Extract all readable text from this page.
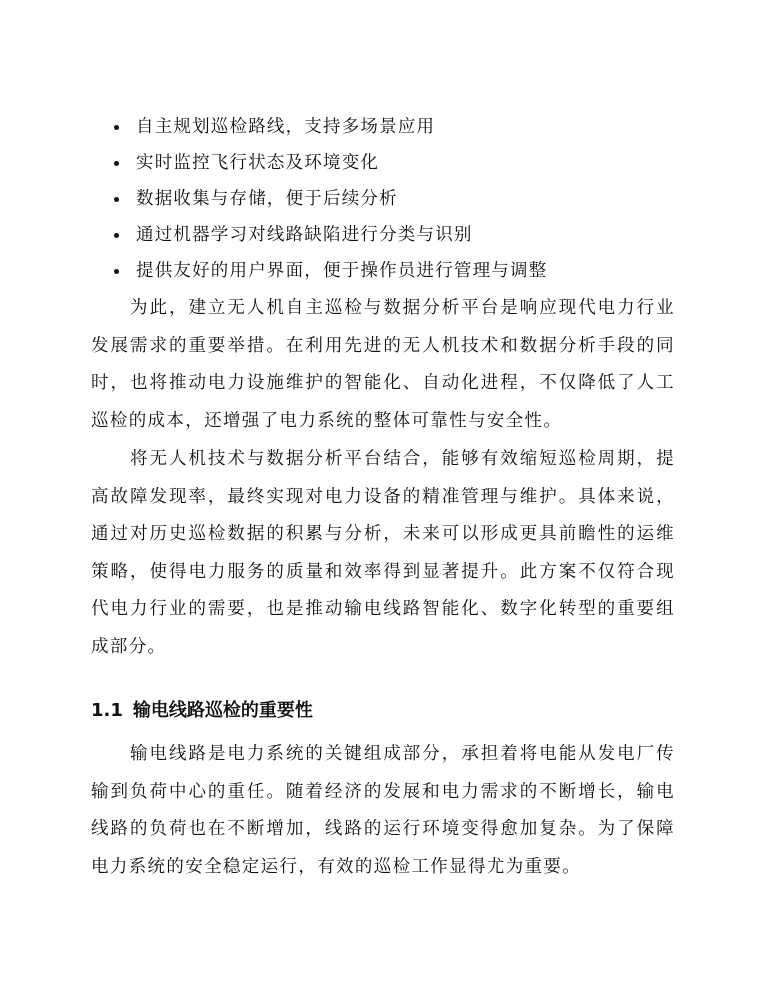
自主规划巡检路线，支持多场景应用
实时监控飞行状态及环境变化
数据收集与存储，便于后续分析
通过机器学习对线路缺陷进行分类与识别
提供友好的用户界面，便于操作员进行管理与调整

为此，建立无人机自主巡检与数据分析平台是响应现代电力行业发展需求的重要举措。在利用先进的无人机技术和数据分析手段的同时，也将推动电力设施维护的智能化、自动化进程，不仅降低了人工巡检的成本，还增强了电力系统的整体可靠性与安全性。

将无人机技术与数据分析平台结合，能够有效缩短巡检周期，提高故障发现率，最终实现对电力设备的精准管理与维护。具体来说，通过对历史巡检数据的积累与分析，未来可以形成更具前瞻性的运维策略，使得电力服务的质量和效率得到显著提升。此方案不仅符合现代电力行业的需要，也是推动输电线路智能化、数字化转型的重要组成部分。

1.1 输电线路巡检的重要性

输电线路是电力系统的关键组成部分，承担着将电能从发电厂传输到负荷中心的重任。随着经济的发展和电力需求的不断增长，输电线路的负荷也在不断增加，线路的运行环境变得愈加复杂。为了保障电力系统的安全稳定运行，有效的巡检工作显得尤为重要。
